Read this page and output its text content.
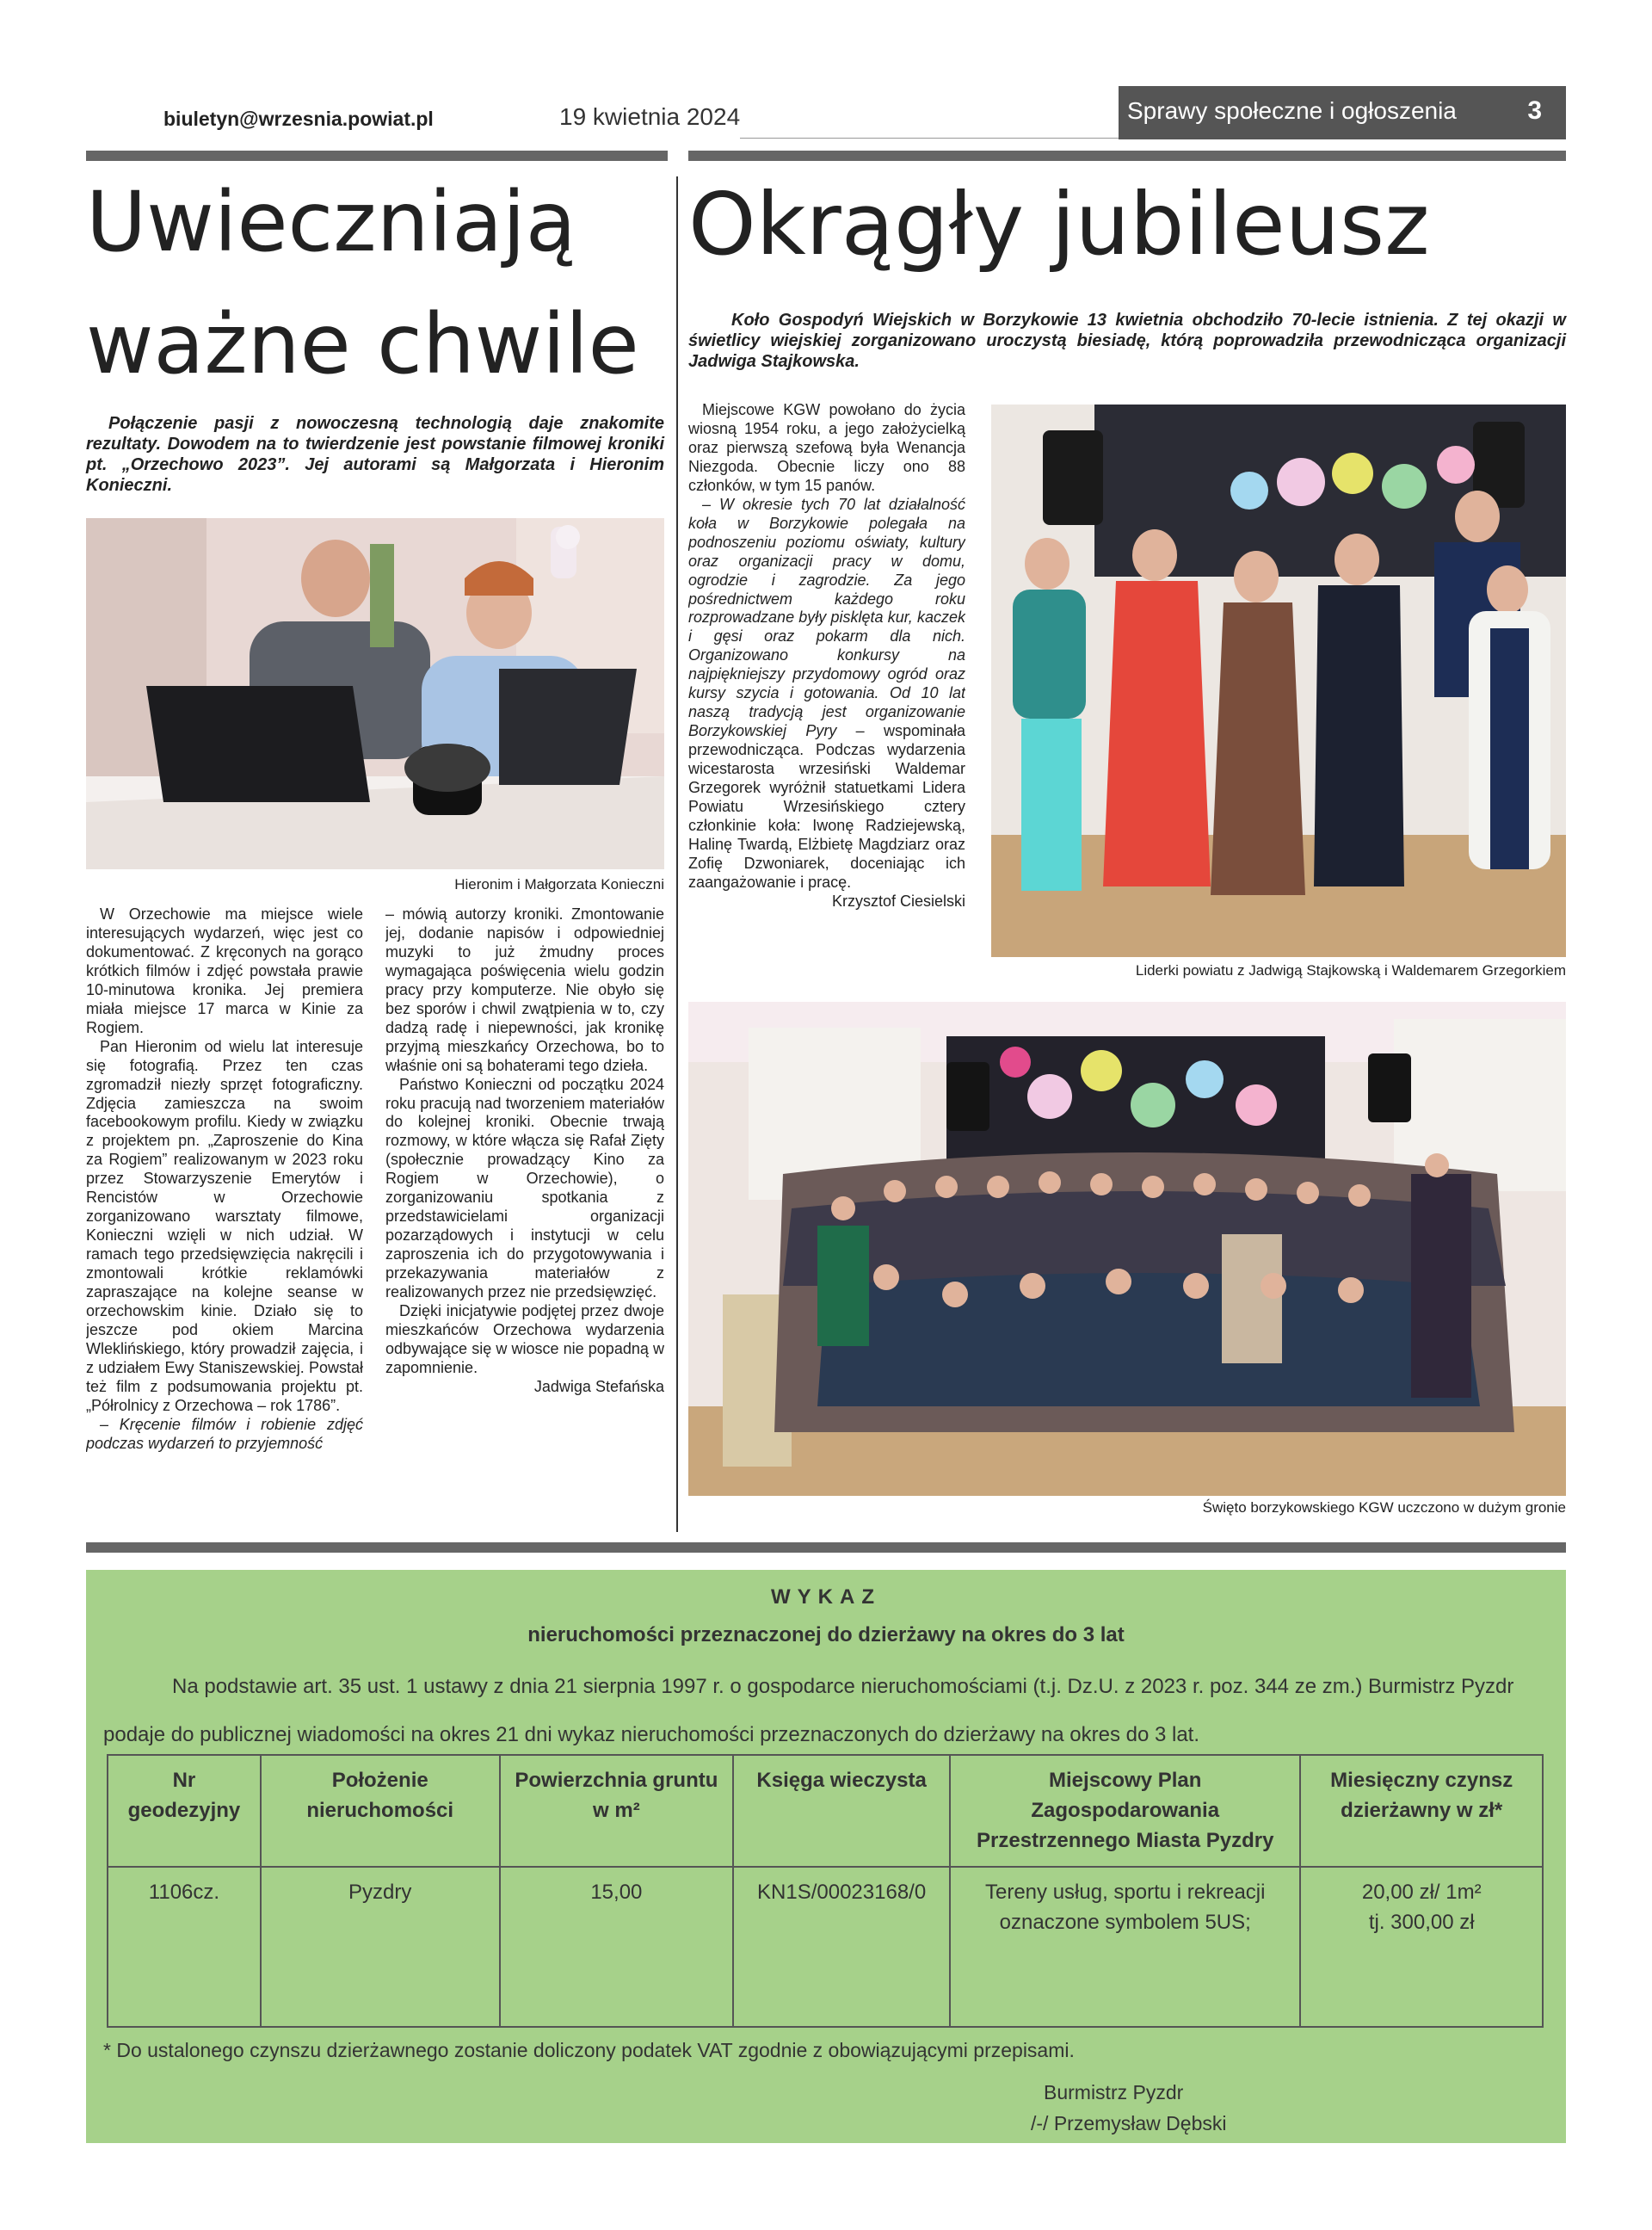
biuletyn@wrzesnia.powiat.pl	19 kwietnia 2024	Sprawy społeczne i ogłoszenia	3
Uwieczniają
ważne chwile
Połączenie pasji z nowoczesną technologią daje znakomite rezultaty. Dowodem na to twierdzenie jest powstanie filmowej kroniki pt. „Orzechowo 2023”. Jej autorami są Małgorzata i Hieronim Konieczni.
Hieronim i Małgorzata Konieczni

W Orzechowie ma miejsce wiele interesujących wydarzeń, więc jest co dokumentować. Z kręconych na gorąco krótkich filmów i zdjęć powstała prawie 10-minutowa kronika. Jej premiera miała miejsce 17 marca w Kinie za Rogiem.

Pan Hieronim od wielu lat interesuje się fotografią. Przez ten czas zgromadził niezły sprzęt fotograficzny. Zdjęcia zamieszcza na swoim facebookowym profilu. Kiedy w związku z projektem pn. „Zaproszenie do Kina za Rogiem” realizowanym w 2023 roku przez Stowarzyszenie Emerytów i Rencistów w Orzechowie zorganizowano warsztaty filmowe, Konieczni wzięli w nich udział. W ramach tego przedsięwzięcia nakręcili i zmontowali krótkie reklamówki zapraszające na kolejne seanse w orzechowskim kinie. Działo się to jeszcze pod okiem Marcina Wleklińskiego, który prowadził zajęcia, i z udziałem Ewy Staniszewskiej. Powstał też film z podsumowania projektu pt. „Półrolnicy z Orzechowa – rok 1786”.

– Kręcenie filmów i robienie zdjęć podczas wydarzeń to przyjemność

– mówią autorzy kroniki. Zmontowanie jej, dodanie napisów i odpowiedniej muzyki to już żmudny proces wymagająca poświęcenia wielu godzin pracy przy komputerze. Nie obyło się bez sporów i chwil zwątpienia w to, czy dadzą radę i niepewności, jak kronikę przyjmą mieszkańcy Orzechowa, bo to właśnie oni są bohaterami tego dzieła.

Państwo Konieczni od początku 2024 roku pracują nad tworzeniem materiałów do kolejnej kroniki. Obecnie trwają rozmowy, w które włącza się Rafał Zięty (społecznie prowadzący Kino za Rogiem w Orzechowie), o zorganizowaniu spotkania z przedstawicielami organizacji pozarządowych i instytucji w celu zaproszenia ich do przygotowywania i przekazywania materiałów z realizowanych przez nie przedsięwzięć.

Dzięki inicjatywie podjętej przez dwoje mieszkańców Orzechowa wydarzenia odbywające się w wiosce nie popadną w zapomnienie.

Jadwiga Stefańska

Okrągły jubileusz
Koło Gospodyń Wiejskich w Borzykowie 13 kwietnia obchodziło 70-lecie istnienia. Z tej okazji w świetlicy wiejskiej zorganizowano uroczystą biesiadę, którą poprowadziła przewodnicząca organizacji Jadwiga Stajkowska.

Miejscowe KGW powołano do życia wiosną 1954 roku, a jego założycielką oraz pierwszą szefową była Wenancja Niezgoda. Obecnie liczy ono 88 członków, w tym 15 panów.

– W okresie tych 70 lat działalność koła w Borzykowie polegała na podnoszeniu poziomu oświaty, kultury oraz organizacji pracy w domu, ogrodzie i zagrodzie. Za jego pośrednictwem każdego roku rozprowadzane były pisklęta kur, kaczek i gęsi oraz pokarm dla nich. Organizowano konkursy na najpiękniejszy przydomowy ogród oraz kursy szycia i gotowania. Od 10 lat naszą tradycją jest organizowanie Borzykowskiej Pyry – wspominała przewodnicząca. Podczas wydarzenia wicestarosta wrzesiński Waldemar Grzegorek wyróżnił statuetkami Lidera Powiatu Wrzesińskiego cztery członkinie koła: Iwonę Radziejewską, Halinę Twardą, Elżbietę Magdziarz oraz Zofię Dzwoniarek, doceniając ich zaangażowanie i pracę.

Krzysztof Ciesielski

Liderki powiatu z Jadwigą Stajkowską i Waldemarem Grzegorkiem
Święto borzykowskiego KGW uczczono w dużym gronie
WYKAZ
nieruchomości przeznaczonej do dzierżawy na okres do 3 lat
Na podstawie art. 35 ust. 1 ustawy z dnia 21 sierpnia 1997 r. o gospodarce nieruchomościami (t.j. Dz.U. z 2023 r. poz. 344 ze zm.) Burmistrz Pyzdr podaje do publicznej wiadomości na okres 21 dni wykaz nieruchomości przeznaczonych do dzierżawy na okres do 3 lat.
Nr geodezyjny	Położenie nieruchomości	Powierzchnia gruntu w m²	Księga wieczysta	Miejscowy Plan Zagospodarowania Przestrzennego Miasta Pyzdry	Miesięczny czynsz dzierżawny w zł*
1106cz.	Pyzdry	15,00	KN1S/00023168/0	Tereny usług, sportu i rekreacji oznaczone symbolem 5US;	20,00 zł/ 1m²
tj. 300,00 zł
* Do ustalonego czynszu dzierżawnego zostanie doliczony podatek VAT zgodnie z obowiązującymi przepisami.
Burmistrz Pyzdr
/-/ Przemysław Dębski
